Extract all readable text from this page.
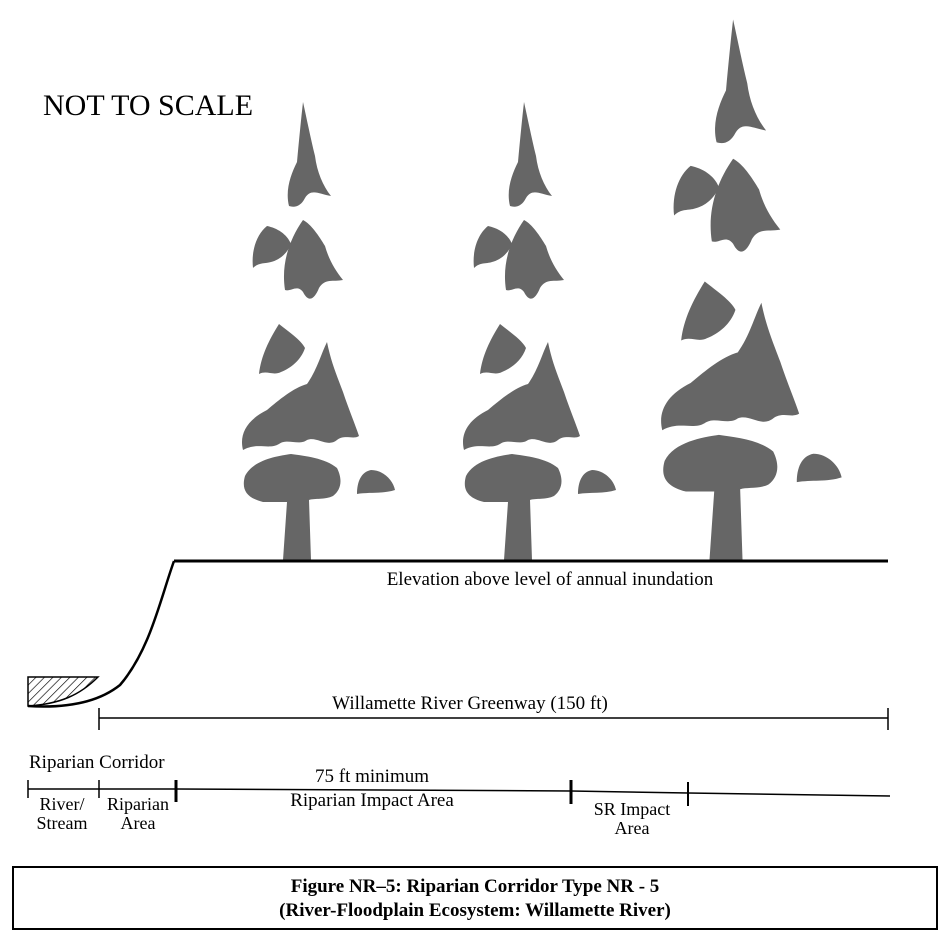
NOT TO SCALE
Elevation above level of annual inundation
Willamette River Greenway (150 ft)
Riparian Corridor
River/
Stream
Riparian
Area
75 ft minimum
Riparian Impact Area	SR Impact
Area
Figure NR–5: Riparian Corridor Type NR - 5
(River-Floodplain Ecosystem: Willamette River)
